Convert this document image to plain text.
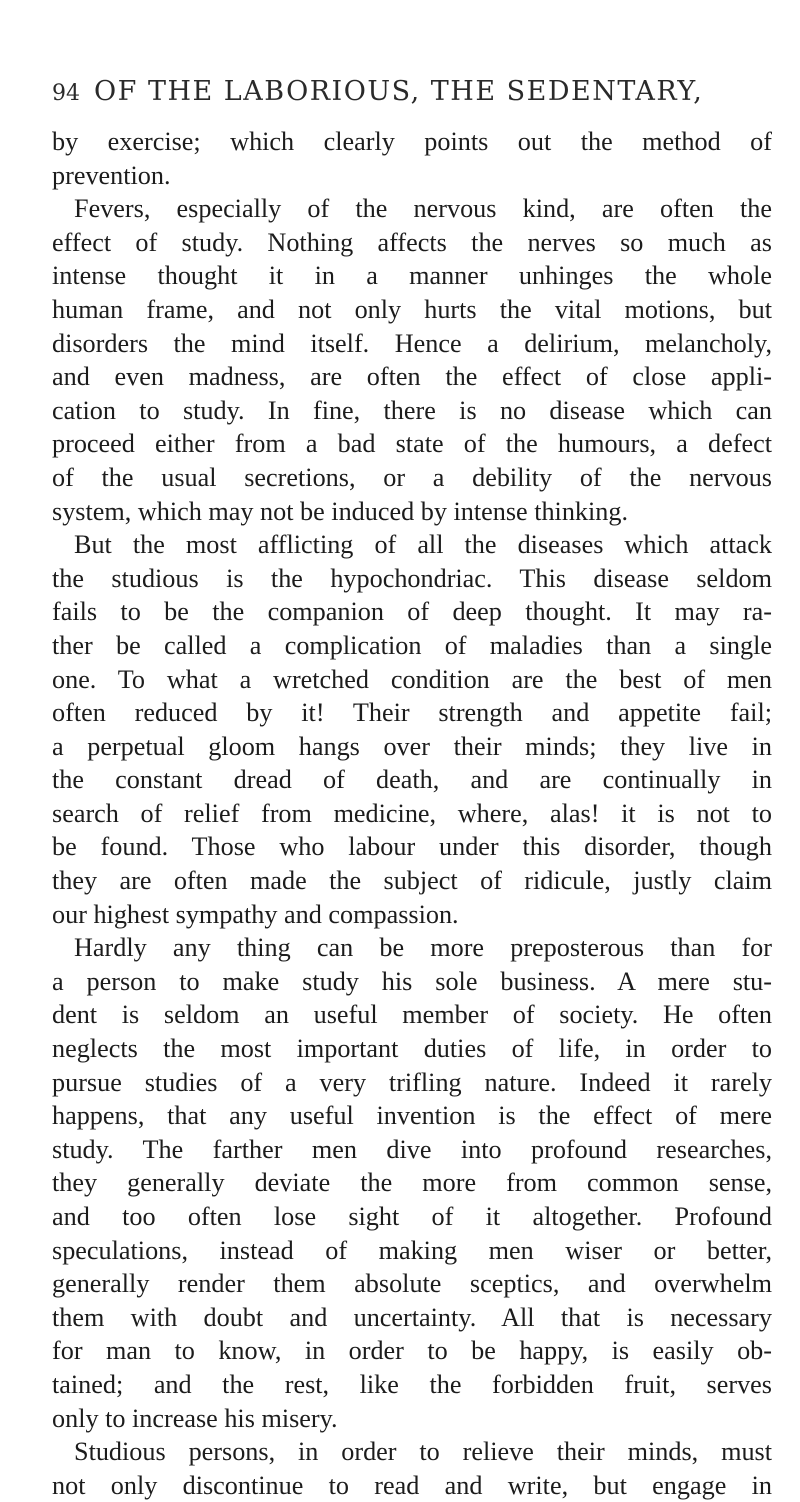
94 OF THE LABORIOUS, THE SEDENTARY,
by exercise; which clearly points out the method of
prevention.
Fevers, especially of the nervous kind, are often the
effect of study. Nothing affects the nerves so much as
intense thought it in a manner unhinges the whole
human frame, and not only hurts the vital motions, but
disorders the mind itself. Hence a delirium, melancholy,
and even madness, are often the effect of close appli-
cation to study. In fine, there is no disease which can
proceed either from a bad state of the humours, a defect
of the usual secretions, or a debility of the nervous
system, which may not be induced by intense thinking.
But the most afflicting of all the diseases which attack
the studious is the hypochondriac. This disease seldom
fails to be the companion of deep thought. It may ra-
ther be called a complication of maladies than a single
one. To what a wretched condition are the best of men
often reduced by it! Their strength and appetite fail;
a perpetual gloom hangs over their minds; they live in
the constant dread of death, and are continually in
search of relief from medicine, where, alas! it is not to
be found. Those who labour under this disorder, though
they are often made the subject of ridicule, justly claim
our highest sympathy and compassion.
Hardly any thing can be more preposterous than for
a person to make study his sole business. A mere stu-
dent is seldom an useful member of society. He often
neglects the most important duties of life, in order to
pursue studies of a very trifling nature. Indeed it rarely
happens, that any useful invention is the effect of mere
study. The farther men dive into profound researches,
they generally deviate the more from common sense,
and too often lose sight of it altogether. Profound
speculations, instead of making men wiser or better,
generally render them absolute sceptics, and overwhelm
them with doubt and uncertainty. All that is necessary
for man to know, in order to be happy, is easily ob-
tained; and the rest, like the forbidden fruit, serves
only to increase his misery.
Studious persons, in order to relieve their minds, must
not only discontinue to read and write, but engage in
